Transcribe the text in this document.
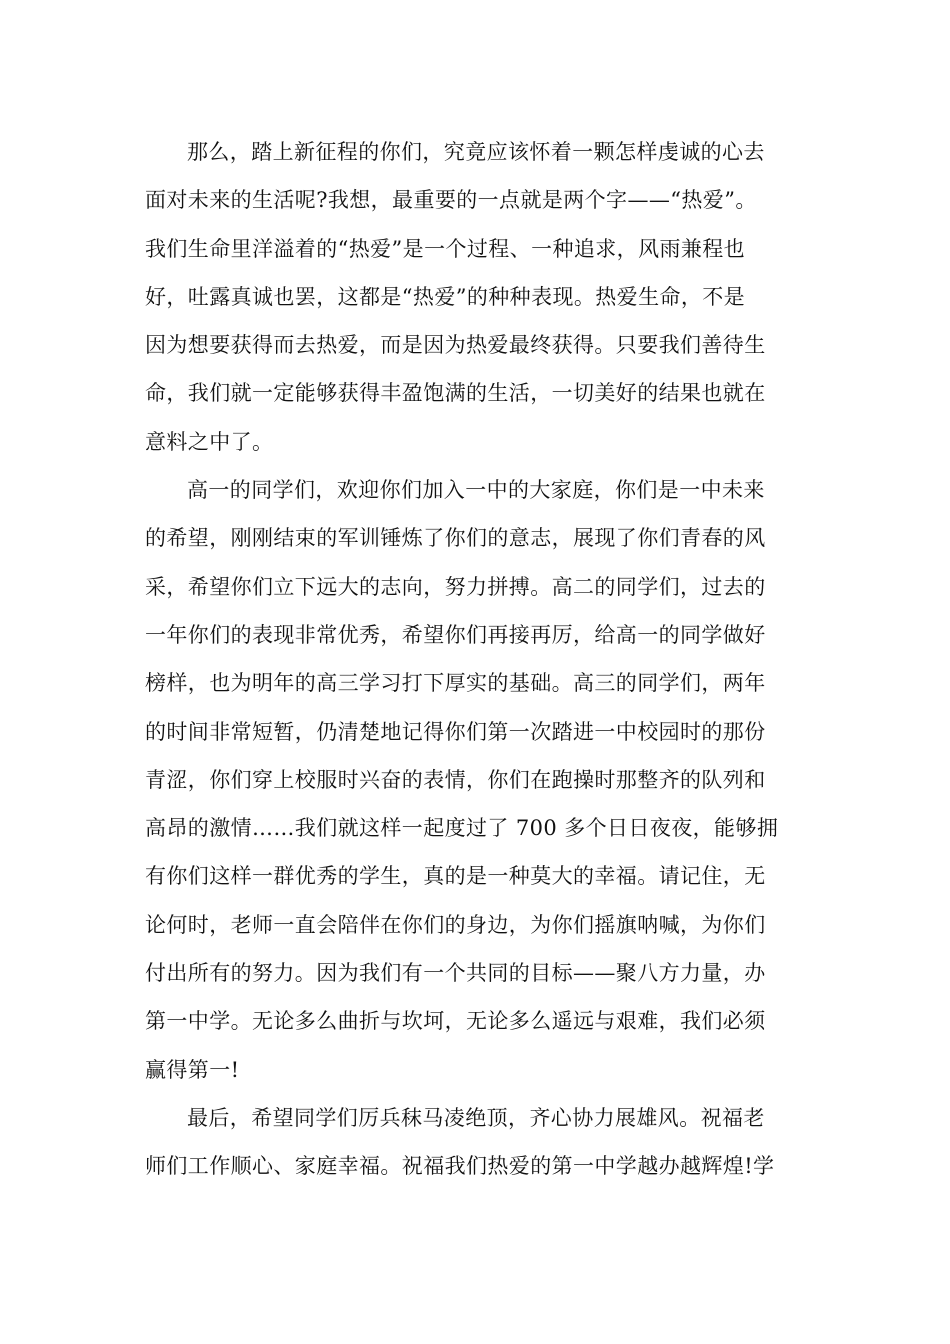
那么，踏上新征程的你们，究竟应该怀着一颗怎样虔诚的心去
面对未来的生活呢?我想，最重要的一点就是两个字——“热爱”。
我们生命里洋溢着的“热爱”是一个过程、一种追求，风雨兼程也
好，吐露真诚也罢，这都是“热爱”的种种表现。热爱生命，不是
因为想要获得而去热爱，而是因为热爱最终获得。只要我们善待生
命，我们就一定能够获得丰盈饱满的生活，一切美好的结果也就在
意料之中了。
高一的同学们，欢迎你们加入一中的大家庭，你们是一中未来
的希望，刚刚结束的军训锤炼了你们的意志，展现了你们青春的风
采，希望你们立下远大的志向，努力拼搏。高二的同学们，过去的
一年你们的表现非常优秀，希望你们再接再厉，给高一的同学做好
榜样，也为明年的高三学习打下厚实的基础。高三的同学们，两年
的时间非常短暂，仍清楚地记得你们第一次踏进一中校园时的那份
青涩，你们穿上校服时兴奋的表情，你们在跑操时那整齐的队列和
高昂的激情……我们就这样一起度过了 700 多个日日夜夜，能够拥
有你们这样一群优秀的学生，真的是一种莫大的幸福。请记住，无
论何时，老师一直会陪伴在你们的身边，为你们摇旗呐喊，为你们
付出所有的努力。因为我们有一个共同的目标——聚八方力量，办
第一中学。无论多么曲折与坎坷，无论多么遥远与艰难，我们必须
赢得第一!
最后，希望同学们厉兵秣马凌绝顶，齐心协力展雄风。祝福老
师们工作顺心、家庭幸福。祝福我们热爱的第一中学越办越辉煌!学
